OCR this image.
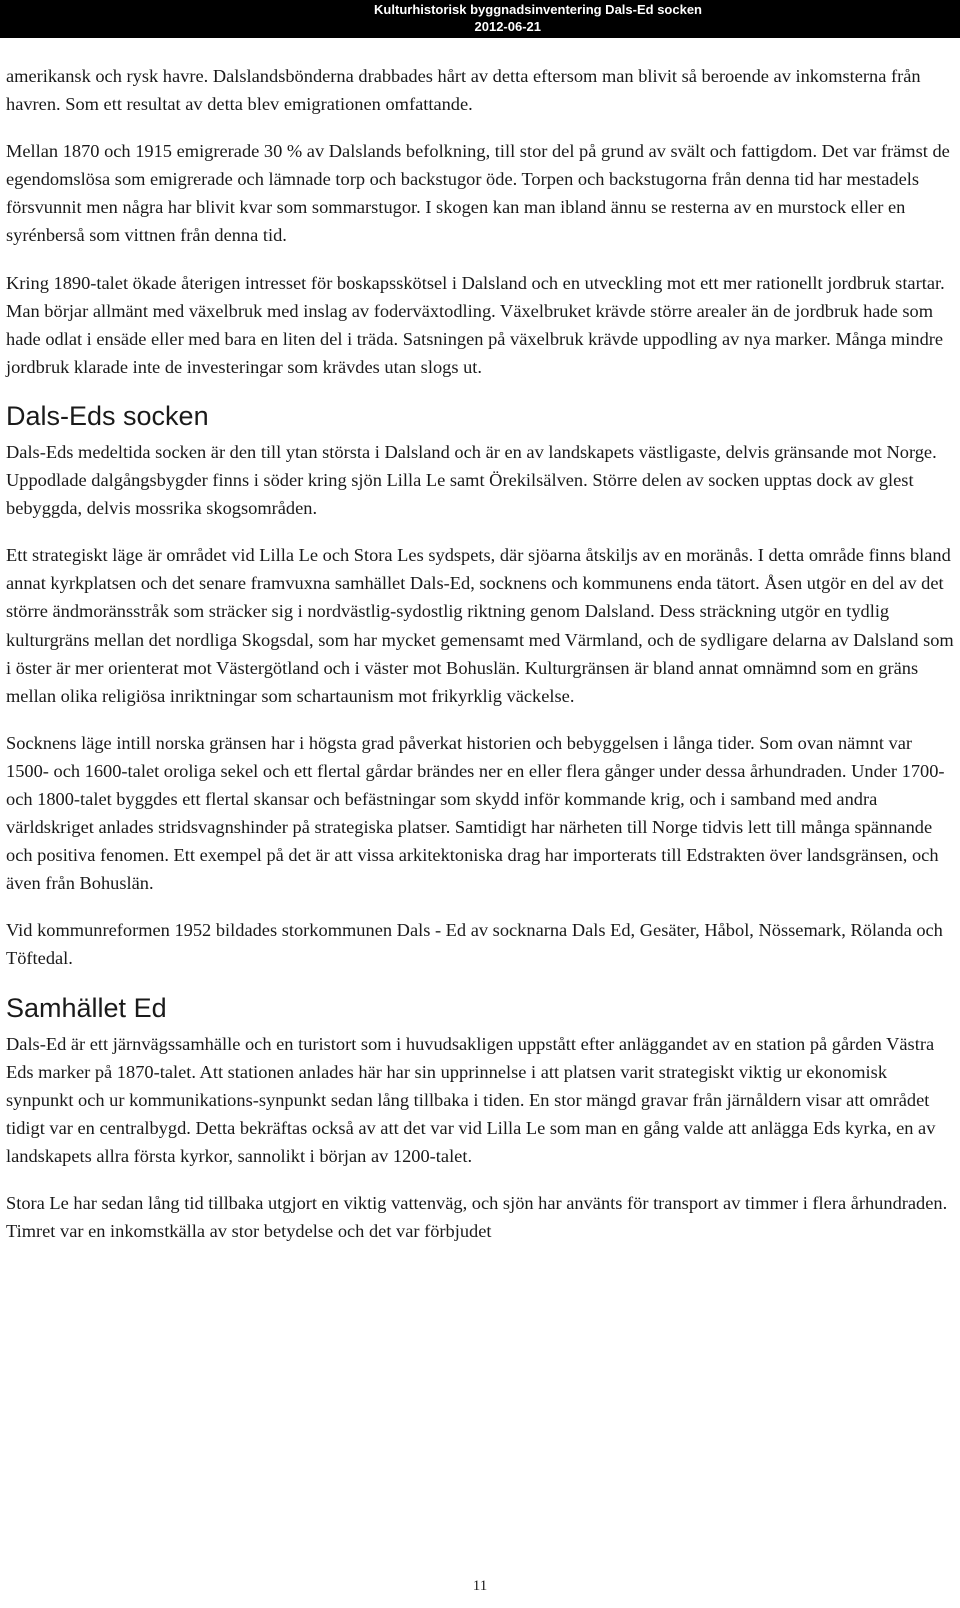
Kulturhistorisk byggnadsinventering Dals-Ed socken
2012-06-21

amerikansk och rysk havre. Dalslandsbönderna drabbades hårt av detta eftersom man blivit så beroende av inkomsterna från havren. Som ett resultat av detta blev emigrationen omfattande.

Mellan 1870 och 1915 emigrerade 30 % av Dalslands befolkning, till stor del på grund av svält och fattigdom. Det var främst de egendomslösa som emigrerade och lämnade torp och backstugor öde. Torpen och backstugorna från denna tid har mestadels försvunnit men några har blivit kvar som sommarstugor. I skogen kan man ibland ännu se resterna av en murstock eller en syrénberså som vittnen från denna tid.

Kring 1890-talet ökade återigen intresset för boskapsskötsel i Dalsland och en utveckling mot ett mer rationellt jordbruk startar. Man börjar allmänt med växelbruk med inslag av foderväxtodling. Växelbruket krävde större arealer än de jordbruk hade som hade odlat i ensäde eller med bara en liten del i träda. Satsningen på växelbruk krävde uppodling av nya marker. Många mindre jordbruk klarade inte de investeringar som krävdes utan slogs ut.

Dals-Eds socken

Dals-Eds medeltida socken är den till ytan största i Dalsland och är en av landskapets västligaste, delvis gränsande mot Norge. Uppodlade dalgångsbygder finns i söder kring sjön Lilla Le samt Örekilsälven. Större delen av socken upptas dock av glest bebyggda, delvis mossrika skogsområden.

Ett strategiskt läge är området vid Lilla Le och Stora Les sydspets, där sjöarna åtskiljs av en moränås. I detta område finns bland annat kyrkplatsen och det senare framvuxna samhället Dals-Ed, socknens och kommunens enda tätort. Åsen utgör en del av det större ändmoränsstråk som sträcker sig i nordvästlig-sydostlig riktning genom Dalsland. Dess sträckning utgör en tydlig kulturgräns mellan det nordliga Skogsdal, som har mycket gemensamt med Värmland, och de sydligare delarna av Dalsland som i öster är mer orienterat mot Västergötland och i väster mot Bohuslän. Kulturgränsen är bland annat omnämnd som en gräns mellan olika religiösa inriktningar som schartaunism mot frikyrklig väckelse.

Socknens läge intill norska gränsen har i högsta grad påverkat historien och bebyggelsen i långa tider. Som ovan nämnt var 1500- och 1600-talet oroliga sekel och ett flertal gårdar brändes ner en eller flera gånger under dessa århundraden. Under 1700- och 1800-talet byggdes ett flertal skansar och befästningar som skydd inför kommande krig, och i samband med andra världskriget anlades stridsvagnshinder på strategiska platser. Samtidigt har närheten till Norge tidvis lett till många spännande och positiva fenomen. Ett exempel på det är att vissa arkitektoniska drag har importerats till Edstrakten över landsgränsen, och även från Bohuslän.

Vid kommunreformen 1952 bildades storkommunen Dals - Ed av socknarna Dals Ed, Gesäter, Håbol, Nössemark, Rölanda och Töftedal.

Samhället Ed

Dals-Ed är ett järnvägssamhälle och en turistort som i huvudsakligen uppstått efter anläggandet av en station på gården Västra Eds marker på 1870-talet. Att stationen anlades här har sin upprinnelse i att platsen varit strategiskt viktig ur ekonomisk synpunkt och ur kommunikations-synpunkt sedan lång tillbaka i tiden. En stor mängd gravar från järnåldern visar att området tidigt var en centralbygd. Detta bekräftas också av att det var vid Lilla Le som man en gång valde att anlägga Eds kyrka, en av landskapets allra första kyrkor, sannolikt i början av 1200-talet.

Stora Le har sedan lång tid tillbaka utgjort en viktig vattenväg, och sjön har använts för transport av timmer i flera århundraden. Timret var en inkomstkälla av stor betydelse och det var förbjudet

11
